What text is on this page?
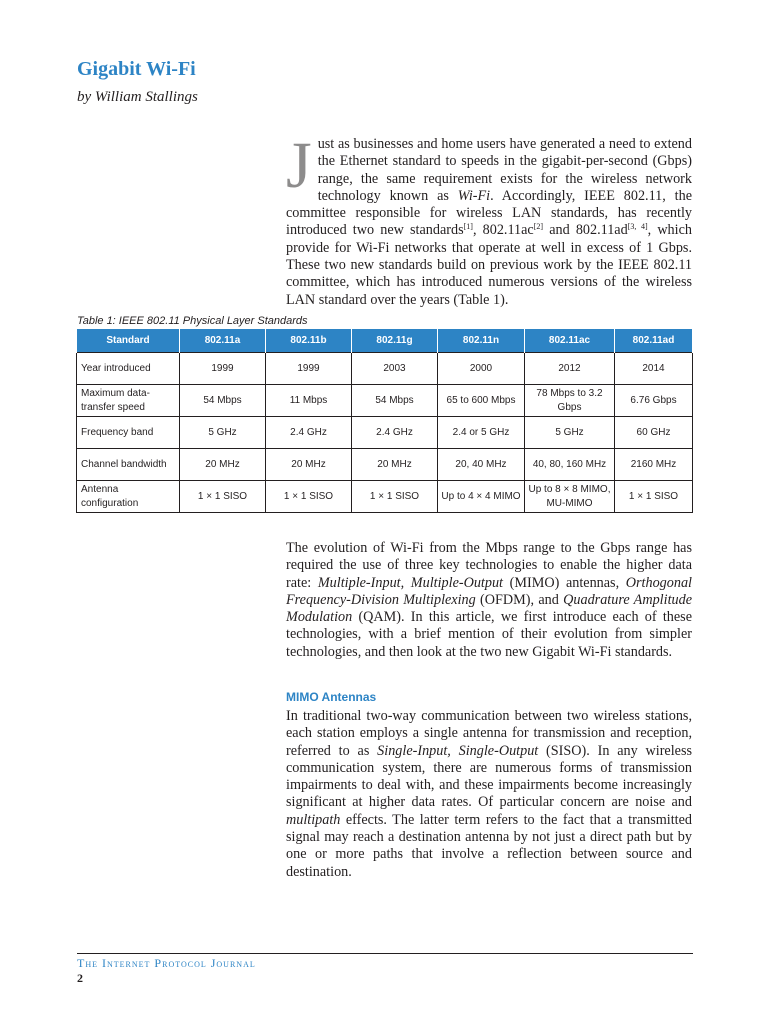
Gigabit Wi-Fi
by William Stallings

Just as businesses and home users have generated a need to extend the Ethernet standard to speeds in the gigabit-per-second (Gbps) range, the same requirement exists for the wireless network technology known as Wi-Fi. Accordingly, IEEE 802.11, the committee responsible for wireless LAN standards, has recently introduced two new standards[1], 802.11ac[2] and 802.11ad[3, 4], which provide for Wi-Fi networks that operate at well in excess of 1 Gbps. These two new standards build on previous work by the IEEE 802.11 committee, which has introduced numerous versions of the wireless LAN standard over the years (Table 1).

Table 1: IEEE 802.11 Physical Layer Standards
Standard	802.11a	802.11b	802.11g	802.11n	802.11ac	802.11ad
Year introduced	1999	1999	2003	2000	2012	2014
Maximum data-transfer speed	54 Mbps	11 Mbps	54 Mbps	65 to 600 Mbps	78 Mbps to 3.2 Gbps	6.76 Gbps
Frequency band	5 GHz	2.4 GHz	2.4 GHz	2.4 or 5 GHz	5 GHz	60 GHz
Channel bandwidth	20 MHz	20 MHz	20 MHz	20, 40 MHz	40, 80, 160 MHz	2160 MHz
Antenna configuration	1 × 1 SISO	1 × 1 SISO	1 × 1 SISO	Up to 4 × 4 MIMO	Up to 8 × 8 MIMO, MU-MIMO	1 × 1 SISO

The evolution of Wi-Fi from the Mbps range to the Gbps range has required the use of three key technologies to enable the higher data rate: Multiple-Input, Multiple-Output (MIMO) antennas, Orthogonal Frequency-Division Multiplexing (OFDM), and Quadrature Amplitude Modulation (QAM). In this article, we first introduce each of these technologies, with a brief mention of their evolution from simpler technologies, and then look at the two new Gigabit Wi-Fi standards.

MIMO Antennas

In traditional two-way communication between two wireless stations, each station employs a single antenna for transmission and reception, referred to as Single-Input, Single-Output (SISO). In any wireless communication system, there are numerous forms of transmission impairments to deal with, and these impairments become increasingly significant at higher data rates. Of particular concern are noise and multipath effects. The latter term refers to the fact that a transmitted signal may reach a destination antenna by not just a direct path but by one or more paths that involve a reflection between source and destination.

The Internet Protocol Journal
2
